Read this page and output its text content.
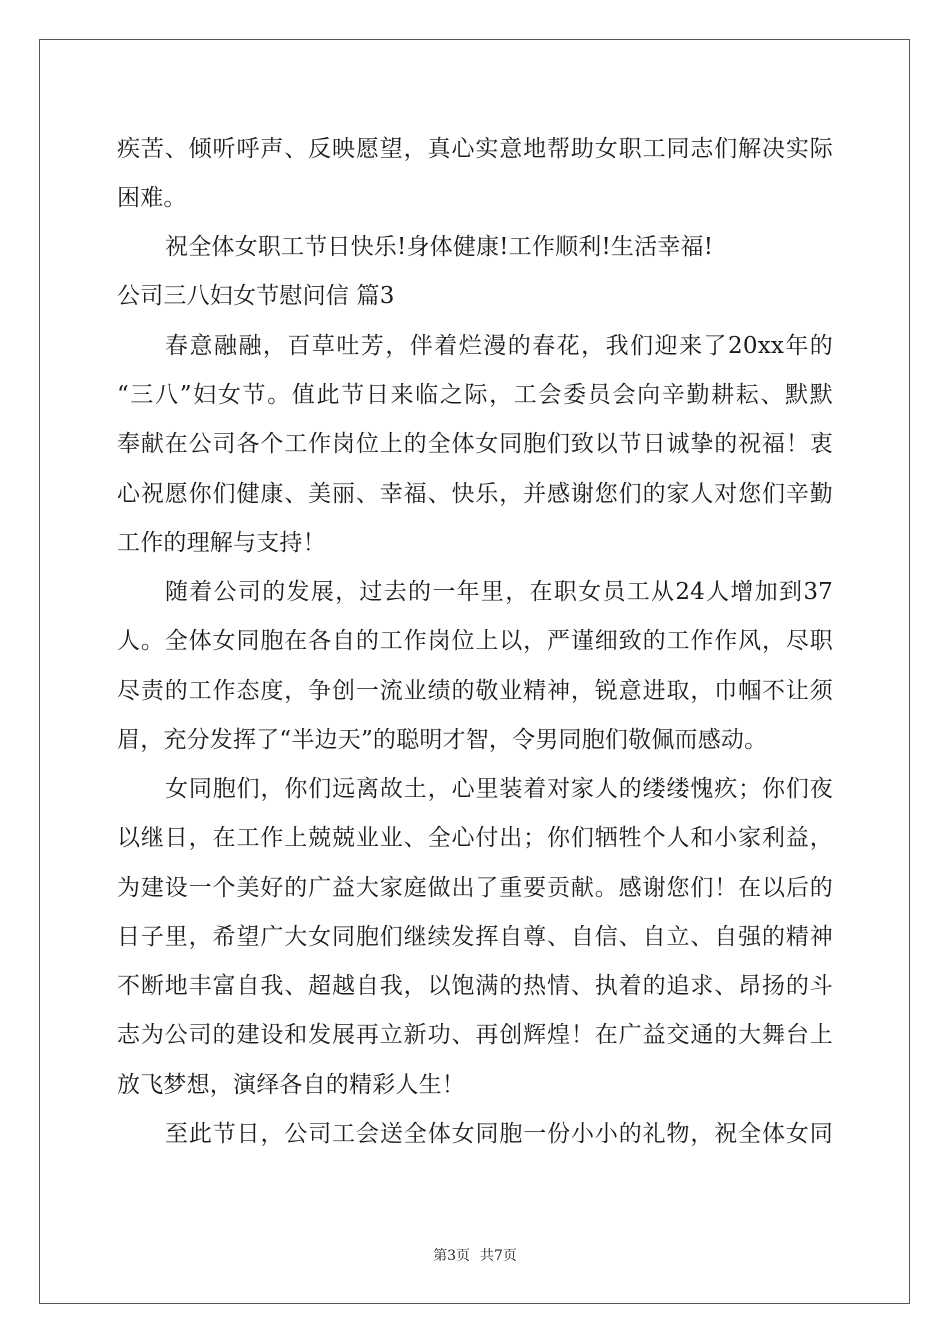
疾苦、倾听呼声、反映愿望，真心实意地帮助女职工同志们解决实际
困难。
祝全体女职工节日快乐!身体健康!工作顺利!生活幸福!
公司三八妇女节慰问信 篇3
春意融融，百草吐芳，伴着烂漫的春花，我们迎来了20xx年的
“三八”妇女节。值此节日来临之际，工会委员会向辛勤耕耘、默默
奉献在公司各个工作岗位上的全体女同胞们致以节日诚挚的祝福！衷
心祝愿你们健康、美丽、幸福、快乐，并感谢您们的家人对您们辛勤
工作的理解与支持！
随着公司的发展，过去的一年里，在职女员工从24人增加到37
人。全体女同胞在各自的工作岗位上以，严谨细致的工作作风，尽职
尽责的工作态度，争创一流业绩的敬业精神，锐意进取，巾帼不让须
眉，充分发挥了“半边天”的聪明才智，令男同胞们敬佩而感动。
女同胞们，你们远离故土，心里装着对家人的缕缕愧疚；你们夜
以继日，在工作上兢兢业业、全心付出；你们牺牲个人和小家利益，
为建设一个美好的广益大家庭做出了重要贡献。感谢您们！在以后的
日子里，希望广大女同胞们继续发挥自尊、自信、自立、自强的精神
不断地丰富自我、超越自我，以饱满的热情、执着的追求、昂扬的斗
志为公司的建设和发展再立新功、再创辉煌！在广益交通的大舞台上
放飞梦想，演绎各自的精彩人生！
至此节日，公司工会送全体女同胞一份小小的礼物，祝全体女同
第3页 共7页
